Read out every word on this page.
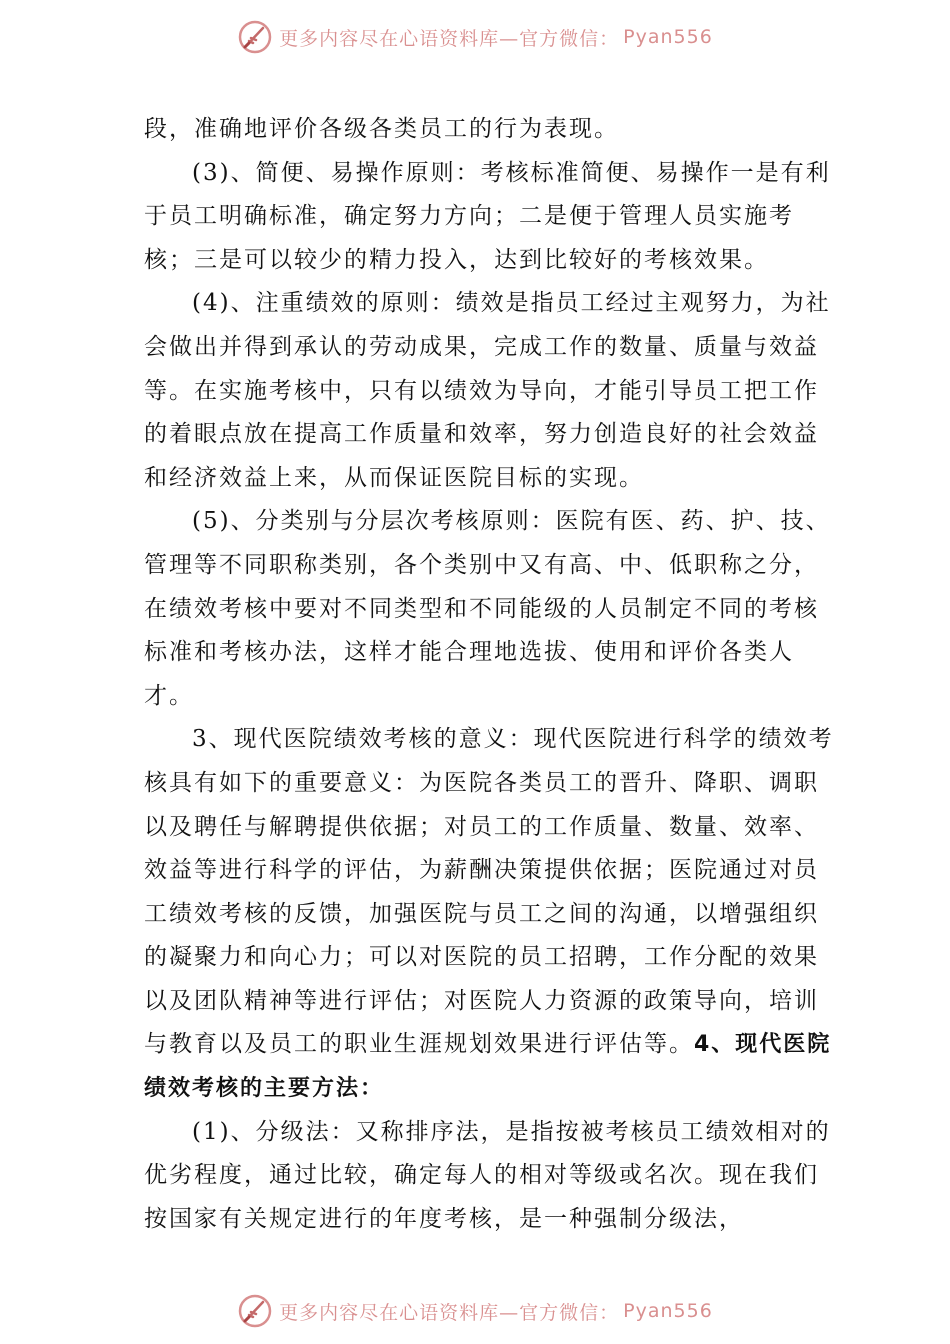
更多内容尽在心语资料库—官方微信： Pyan556

段，准确地评价各级各类员工的行为表现。

(3)、简便、易操作原则：考核标准简便、易操作一是有利于员工明确标准，确定努力方向；二是便于管理人员实施考核；三是可以较少的精力投入，达到比较好的考核效果。

(4)、注重绩效的原则：绩效是指员工经过主观努力，为社会做出并得到承认的劳动成果，完成工作的数量、质量与效益等。在实施考核中，只有以绩效为导向，才能引导员工把工作的着眼点放在提高工作质量和效率，努力创造良好的社会效益和经济效益上来，从而保证医院目标的实现。

(5)、分类别与分层次考核原则：医院有医、药、护、技、管理等不同职称类别，各个类别中又有高、中、低职称之分，在绩效考核中要对不同类型和不同能级的人员制定不同的考核标准和考核办法，这样才能合理地选拔、使用和评价各类人才。

3、现代医院绩效考核的意义：现代医院进行科学的绩效考核具有如下的重要意义：为医院各类员工的晋升、降职、调职以及聘任与解聘提供依据；对员工的工作质量、数量、效率、效益等进行科学的评估，为薪酬决策提供依据；医院通过对员工绩效考核的反馈，加强医院与员工之间的沟通，以增强组织的凝聚力和向心力；可以对医院的员工招聘，工作分配的效果以及团队精神等进行评估；对医院人力资源的政策导向，培训与教育以及员工的职业生涯规划效果进行评估等。4、现代医院绩效考核的主要方法：

(1)、分级法：又称排序法，是指按被考核员工绩效相对的优劣程度，通过比较，确定每人的相对等级或名次。现在我们按国家有关规定进行的年度考核，是一种强制分级法，

更多内容尽在心语资料库—官方微信： Pyan556
